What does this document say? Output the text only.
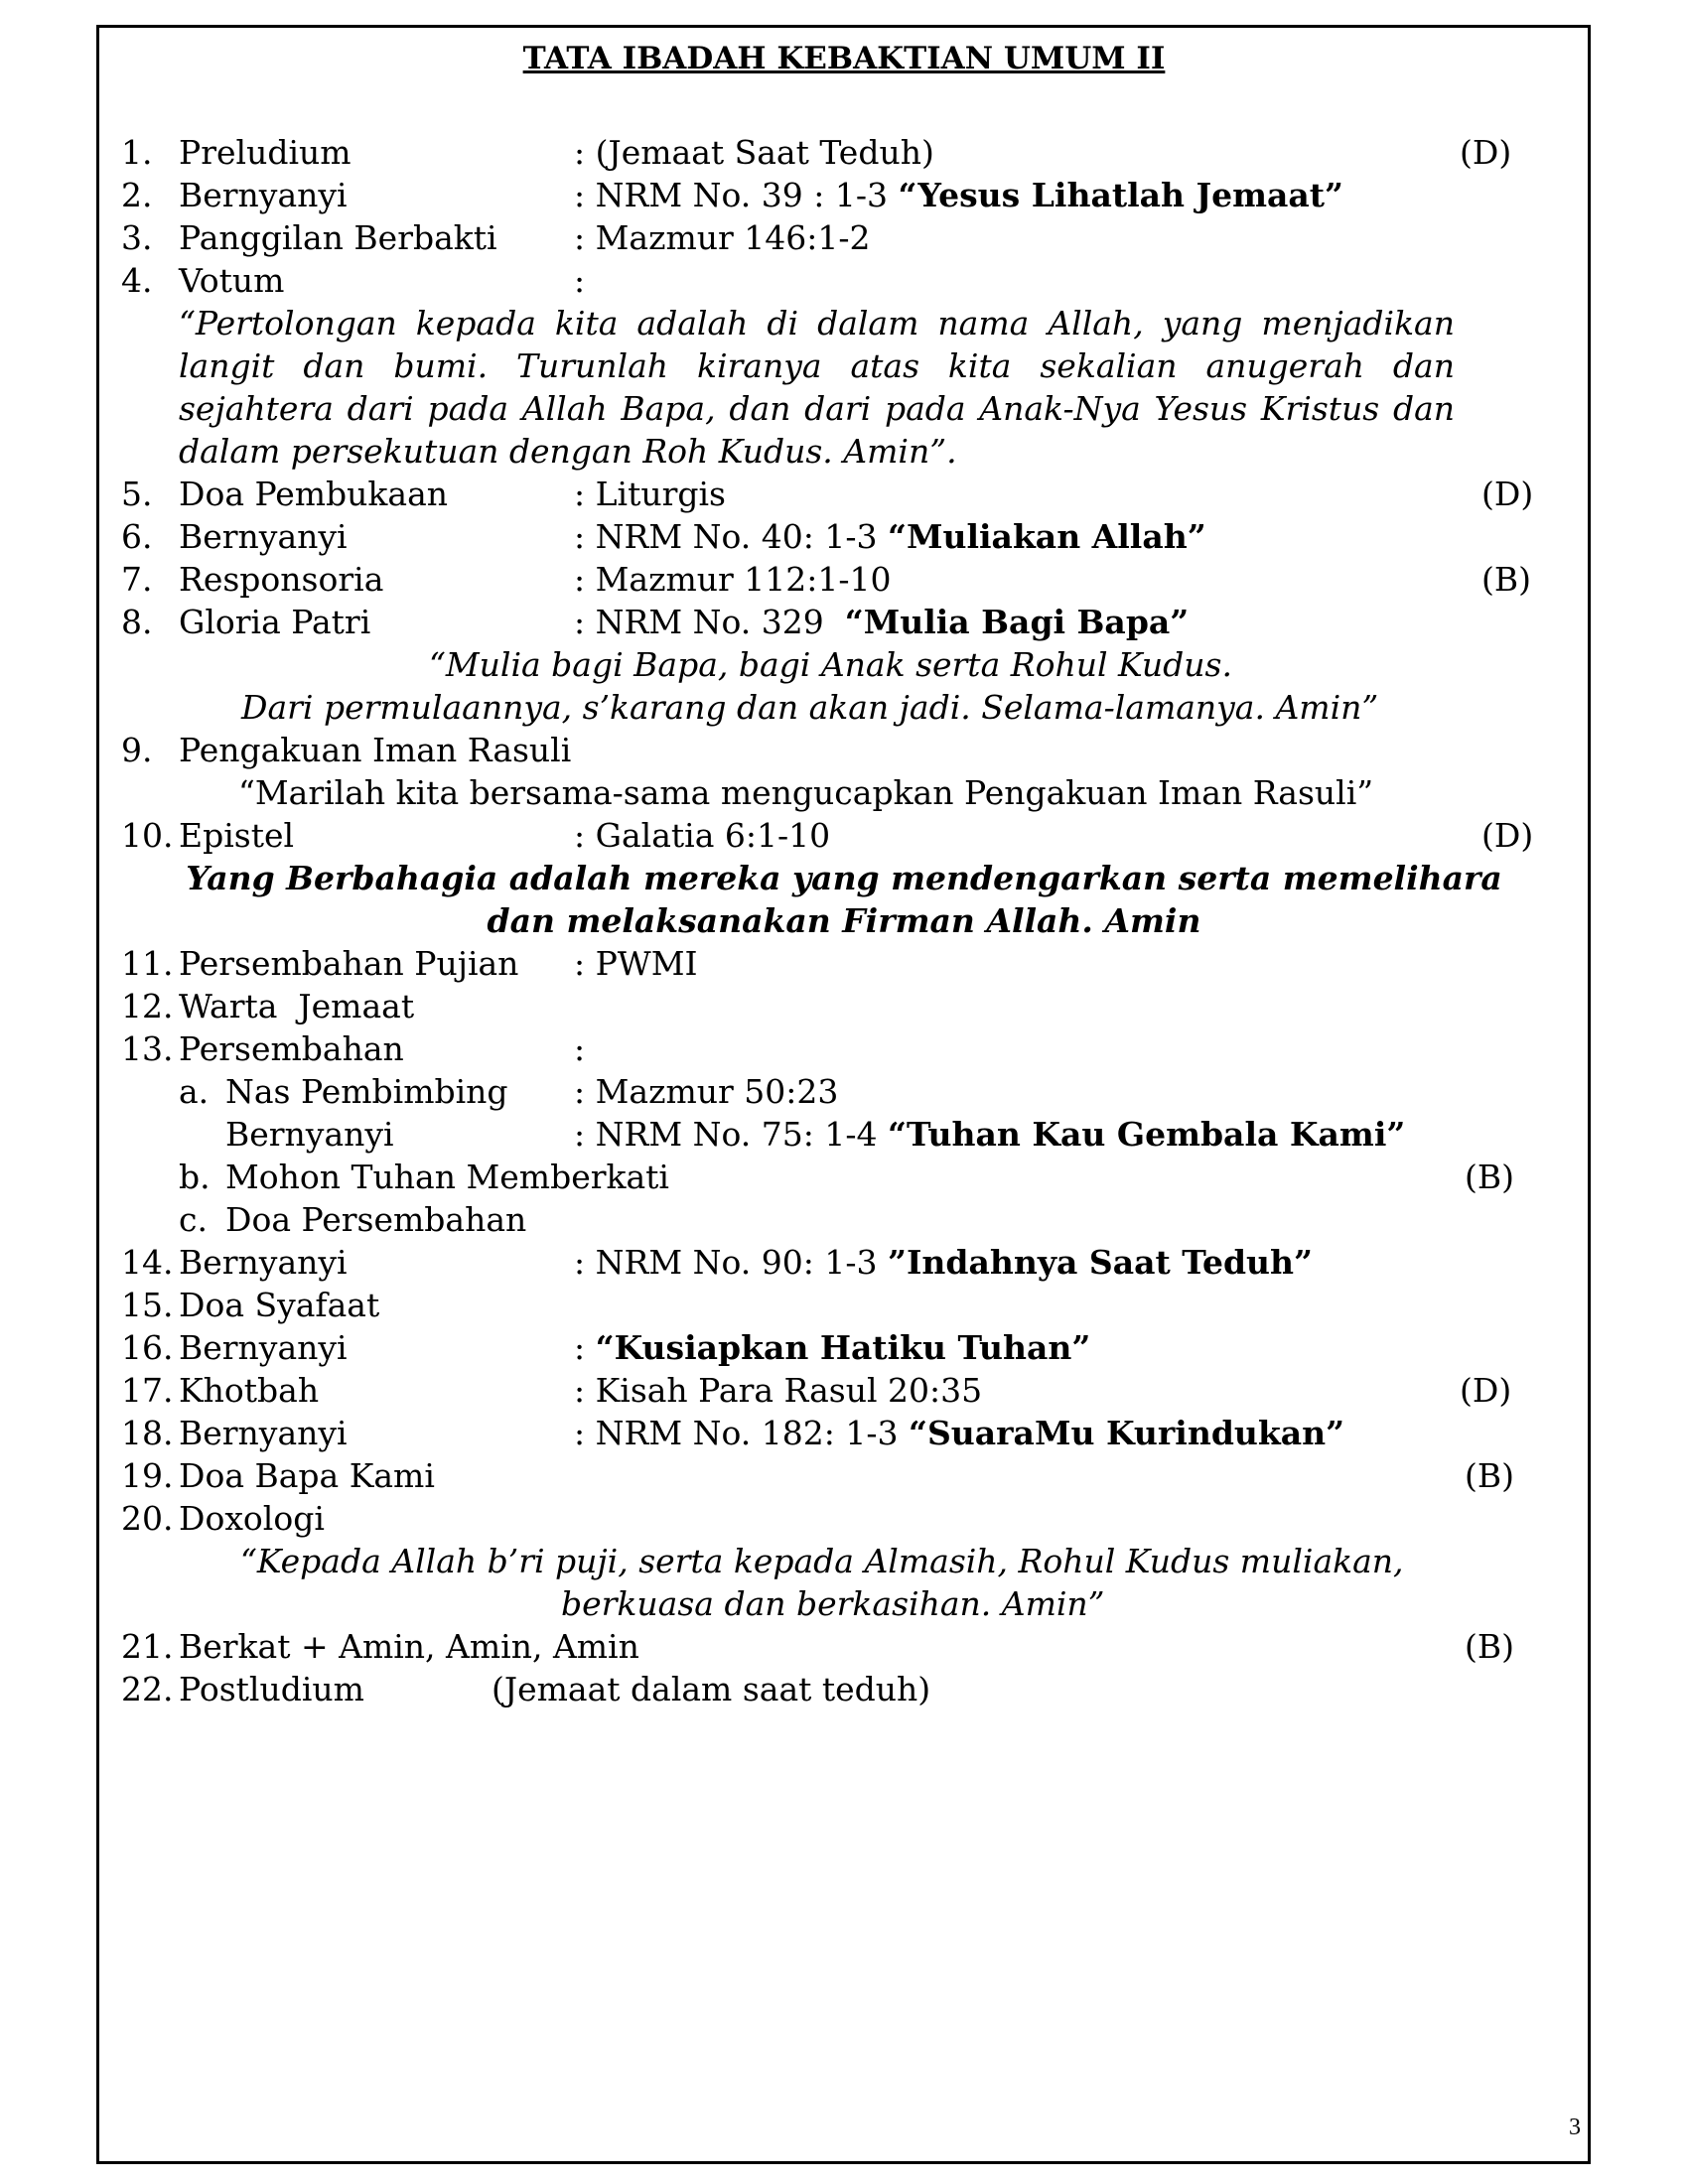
TATA IBADAH KEBAKTIAN UMUM II
1. Preludium	: (Jemaat Saat Teduh)	(D)
2. Bernyanyi	: NRM No. 39 : 1-3 “Yesus Lihatlah Jemaat”
3. Panggilan Berbakti : Mazmur 146:1-2
4. Votum	:
“Pertolongan kepada kita adalah di dalam nama Allah, yang menjadikan langit dan bumi. Turunlah kiranya atas kita sekalian anugerah dan sejahtera dari pada Allah Bapa, dan dari pada Anak-Nya Yesus Kristus dan dalam persekutuan dengan Roh Kudus. Amin”.
5. Doa Pembukaan	: Liturgis	(D)
6. Bernyanyi	: NRM No. 40: 1-3 “Muliakan Allah”
7. Responsoria	: Mazmur 112:1-10	(B)
8. Gloria Patri	: NRM No. 329  “Mulia Bagi Bapa”
“Mulia bagi Bapa, bagi Anak serta Rohul Kudus.
Dari permulaannya, s’karang dan akan jadi. Selama-lamanya. Amin”
9. Pengakuan Iman Rasuli
“Marilah kita bersama-sama mengucapkan Pengakuan Iman Rasuli”
10. Epistel	: Galatia 6:1-10	(D)
Yang Berbahagia adalah mereka yang mendengarkan serta memelihara
dan melaksanakan Firman Allah. Amin
11. Persembahan Pujian : PWMI
12. Warta  Jemaat
13. Persembahan	:
a. Nas Pembimbing : Mazmur 50:23
Bernyanyi	: NRM No. 75: 1-4 “Tuhan Kau Gembala Kami”
b. Mohon Tuhan Memberkati	(B)
c. Doa Persembahan
14. Bernyanyi	: NRM No. 90: 1-3 ”Indahnya Saat Teduh”
15. Doa Syafaat
16. Bernyanyi	: “Kusiapkan Hatiku Tuhan”
17. Khotbah	: Kisah Para Rasul 20:35	(D)
18. Bernyanyi	: NRM No. 182: 1-3 “SuaraMu Kurindukan”
19. Doa Bapa Kami	(B)
20. Doxologi
“Kepada Allah b’ri puji, serta kepada Almasih, Rohul Kudus muliakan,
berkuasa dan berkasihan. Amin”
21. Berkat + Amin, Amin, Amin	(B)
22. Postludium	(Jemaat dalam saat teduh)
3
